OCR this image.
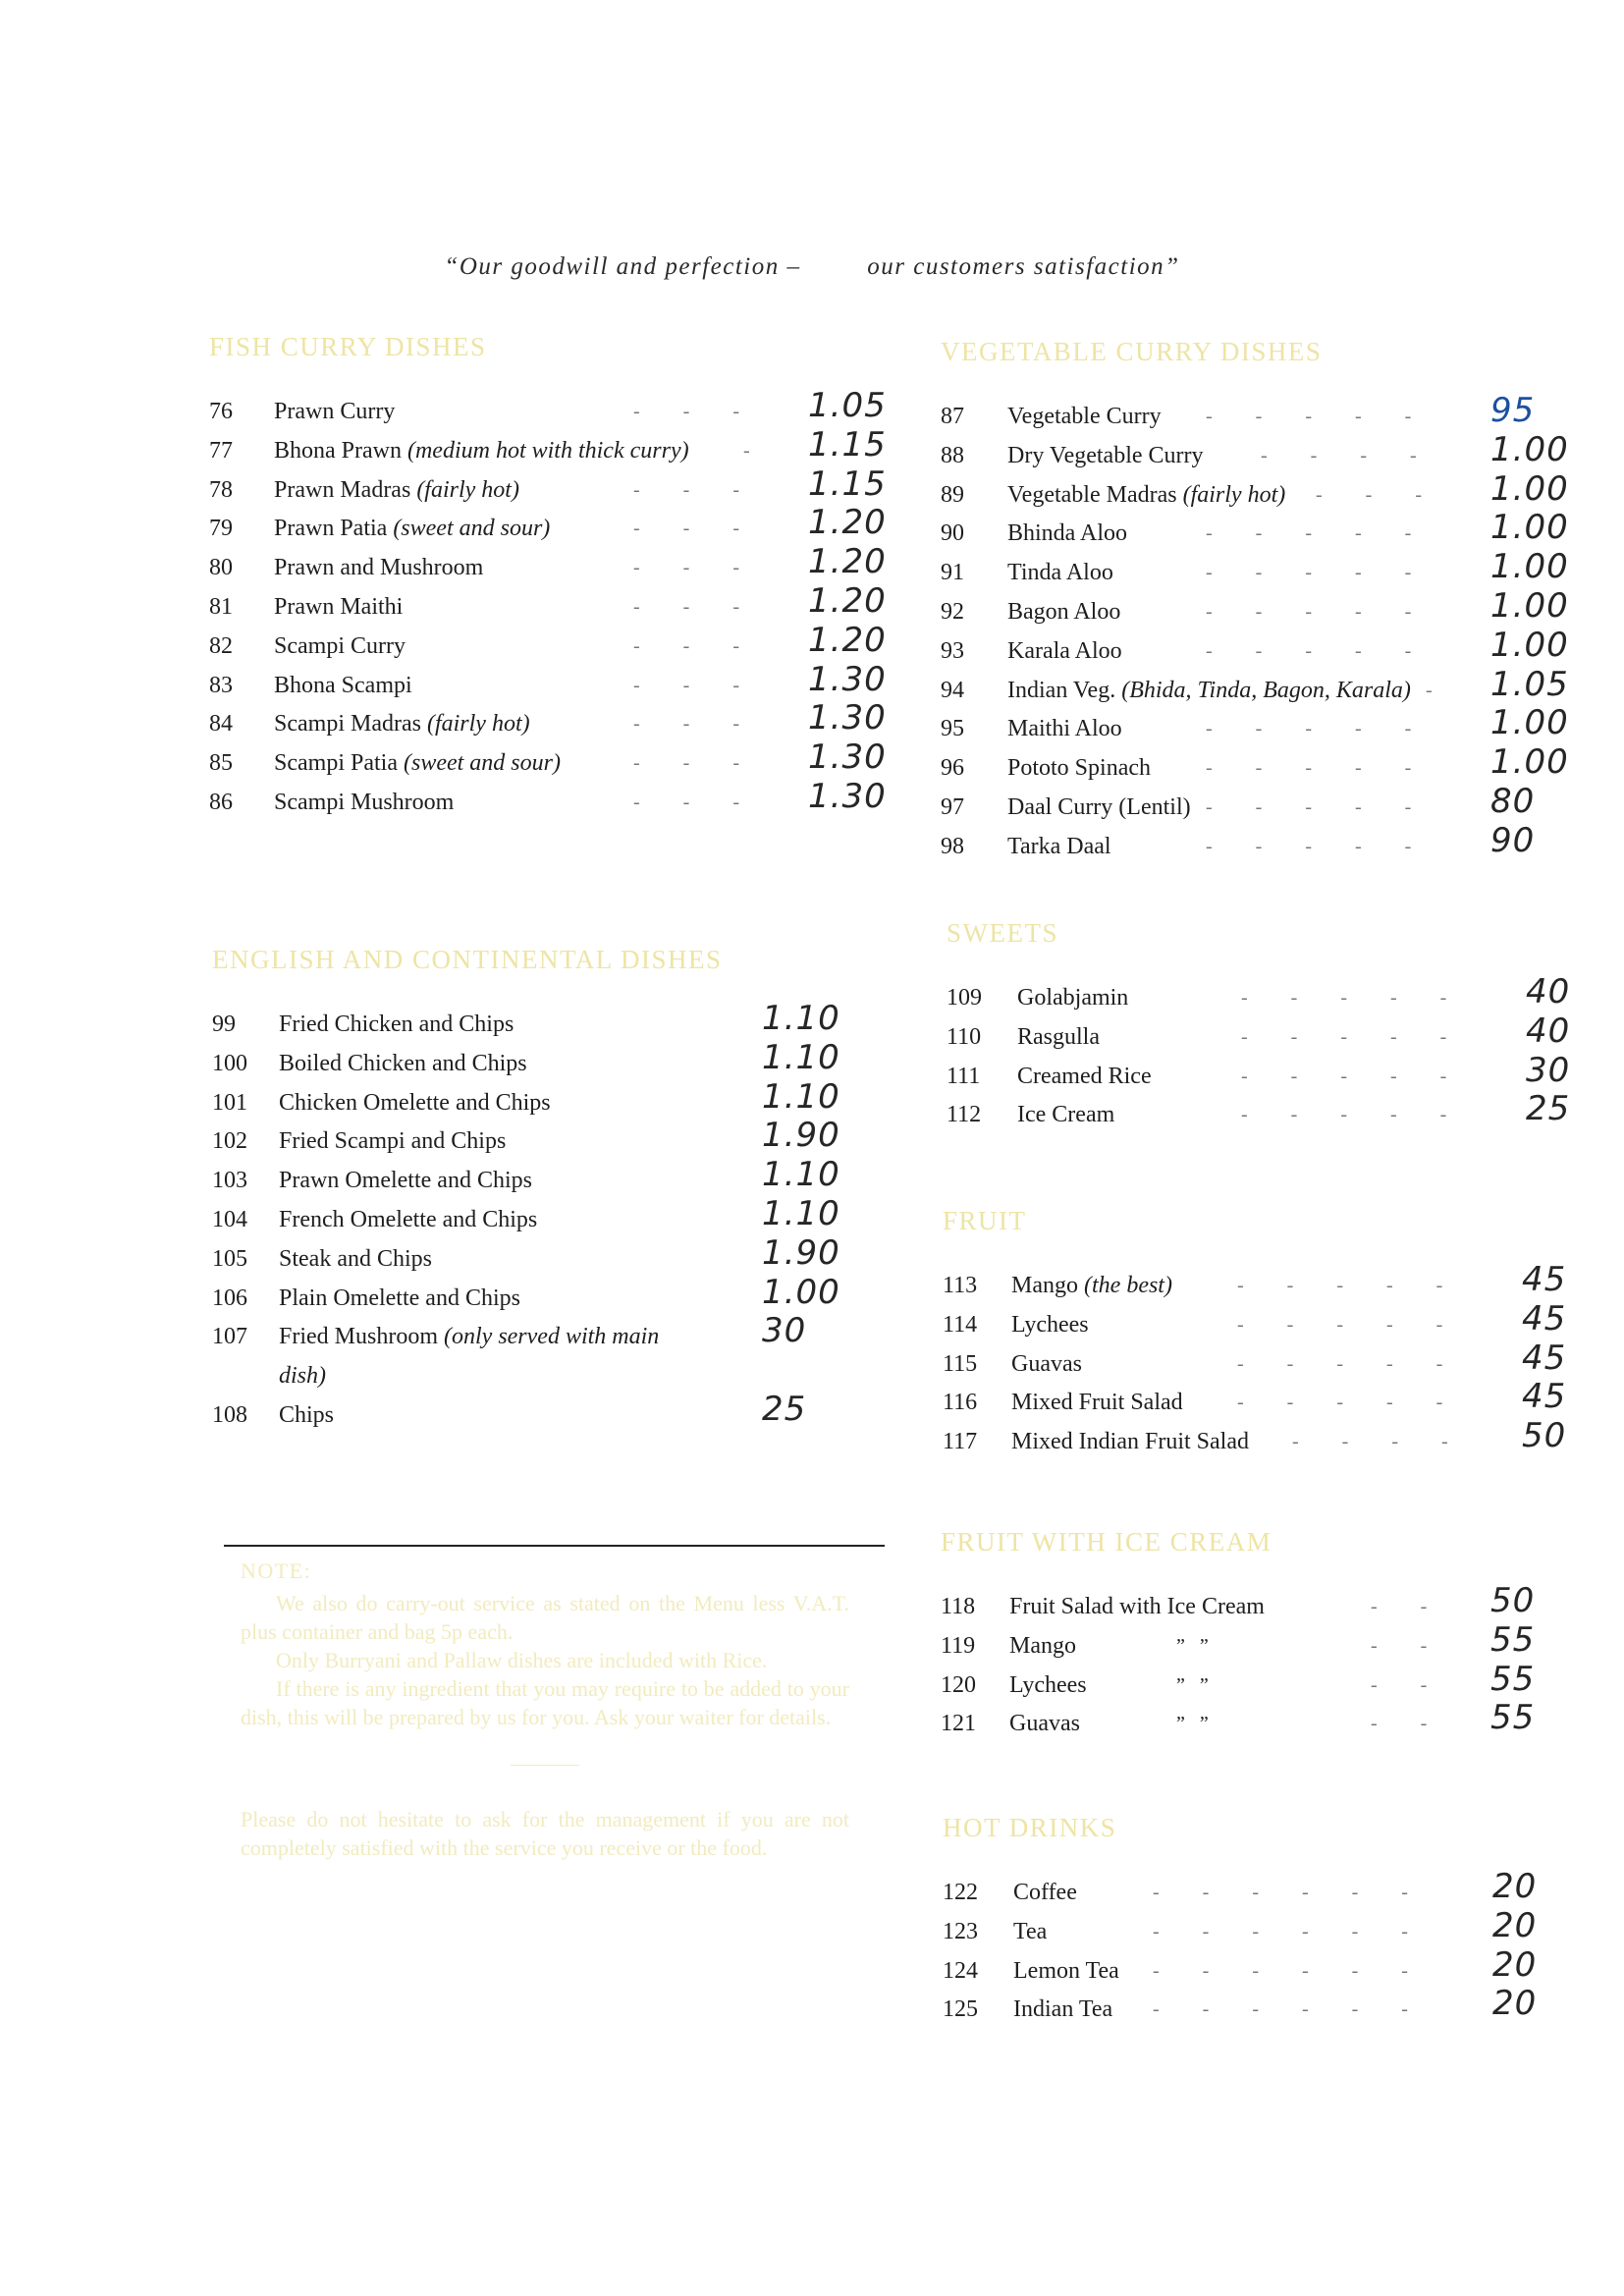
“Our goodwill and perfection –	our customers satisfaction”
FISH CURRY DISHES
76 Prawn Curry	--- 1.05
77 Bhona Prawn (medium hot with thick curry)	- 1.15
78 Prawn Madras (fairly hot)	--- 1.15
79 Prawn Patia (sweet and sour)	--- 1.20
80 Prawn and Mushroom	--- 1.20
81 Prawn Maithi	--- 1.20
82 Scampi Curry	--- 1.20
83 Bhona Scampi	--- 1.30
84 Scampi Madras (fairly hot)	--- 1.30
85 Scampi Patia (sweet and sour)	--- 1.30
86 Scampi Mushroom	--- 1.30
ENGLISH AND CONTINENTAL DISHES
99 Fried Chicken and Chips	1.10
100 Boiled Chicken and Chips	1.10
101 Chicken Omelette and Chips	1.10
102 Fried Scampi and Chips	1.90
103 Prawn Omelette and Chips	1.10
104 French Omelette and Chips	1.10
105 Steak and Chips	1.90
106 Plain Omelette and Chips	1.00
107 Fried Mushroom (only served with main	30
dish)
108 Chips	25
VEGETABLE CURRY DISHES
87 Vegetable Curry ----- 95
88 Dry Vegetable Curry	---- 1.00
89 Vegetable Madras (fairly hot) --- 1.00
90 Bhinda Aloo	----- 1.00
91 Tinda Aloo	----- 1.00
92 Bagon Aloo	----- 1.00
93 Karala Aloo	----- 1.00
94 Indian Veg. (Bhida, Tinda, Bagon, Karala) - 1.05
95 Maithi Aloo	----- 1.00
96 Pototo Spinach	----- 1.00
97 Daal Curry (Lentil) ----- 80
98 Tarka Daal	----- 90
SWEETS
109 Golabjamin	----- 40
110 Rasgulla	----- 40
111 Creamed Rice	----- 30
112 Ice Cream	----- 25
FRUIT
113 Mango (the best)	----- 45
114 Lychees	----- 45
115 Guavas	----- 45
116 Mixed Fruit Salad	----- 45
117 Mixed Indian Fruit Salad ---- 50
FRUIT WITH ICE CREAM
118 Fruit Salad with Ice Cream	-- 50
119 Mango	”   ”	-- 55
120 Lychees	”   ”	-- 55
121 Guavas	”   ”	-- 55
HOT DRINKS
122 Coffee	------ 20
123 Tea	------ 20
124 Lemon Tea ------ 20
125 Indian Tea ------ 20
NOTE:

We also do carry-out service as stated on the Menu less V.A.T. plus container and bag 5p each.

Only Burryani and Pallaw dishes are included with Rice.

If there is any ingredient that you may require to be added to your dish, this will be prepared by us for you. Ask your waiter for details.

Please do not hesitate to ask for the management if you are not completely satisfied with the service you receive or the food.
